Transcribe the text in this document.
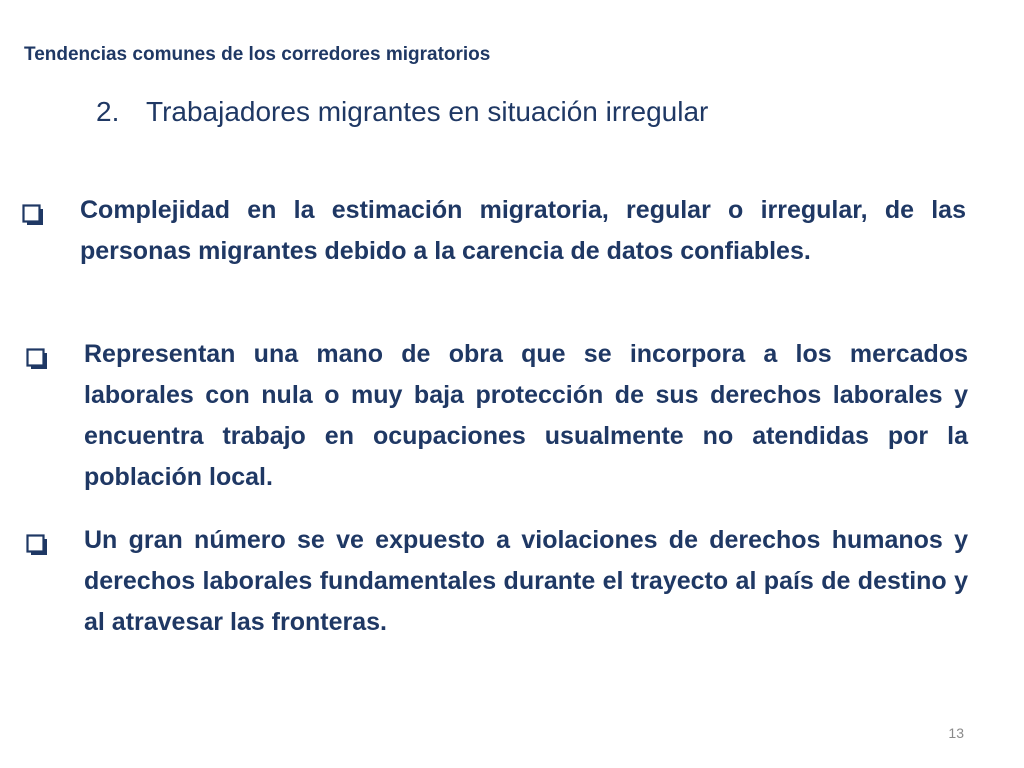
Tendencias comunes de los corredores migratorios
2. Trabajadores migrantes en situación irregular
Complejidad en la estimación migratoria, regular o irregular, de las personas migrantes debido a la carencia de datos confiables.
Representan una mano de obra que se incorpora a los mercados laborales con nula o muy baja protección de sus derechos laborales y encuentra trabajo en ocupaciones usualmente no atendidas por la población local.
Un gran número se ve expuesto a violaciones de derechos humanos y derechos laborales fundamentales durante el trayecto al país de destino y al atravesar las fronteras.
13
